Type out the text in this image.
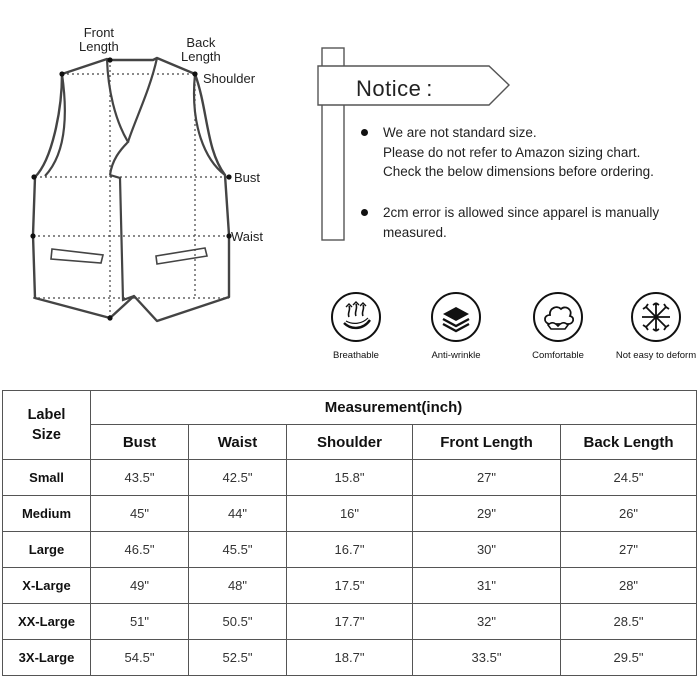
Front
Length	Back
Length
Shoulder
Bust
Waist
Notice :
We are not standard size.
Please do not refer to Amazon sizing chart.
Check the below dimensions before ordering.
2cm error is allowed since apparel is manually
measured.
Breathable	Anti-wrinkle	Comfortable	Not easy to deform
Label
Size	Measurement(inch)				
	Bust	Waist	Shoulder	Front Length	Back Length
Small	43.5"	42.5"	15.8"	27"	24.5"
Medium	45"	44"	16"	29"	26"
Large	46.5"	45.5"	16.7"	30"	27"
X-Large	49"	48"	17.5"	31"	28"
XX-Large	51"	50.5"	17.7"	32"	28.5"
3X-Large	54.5"	52.5"	18.7"	33.5"	29.5"
